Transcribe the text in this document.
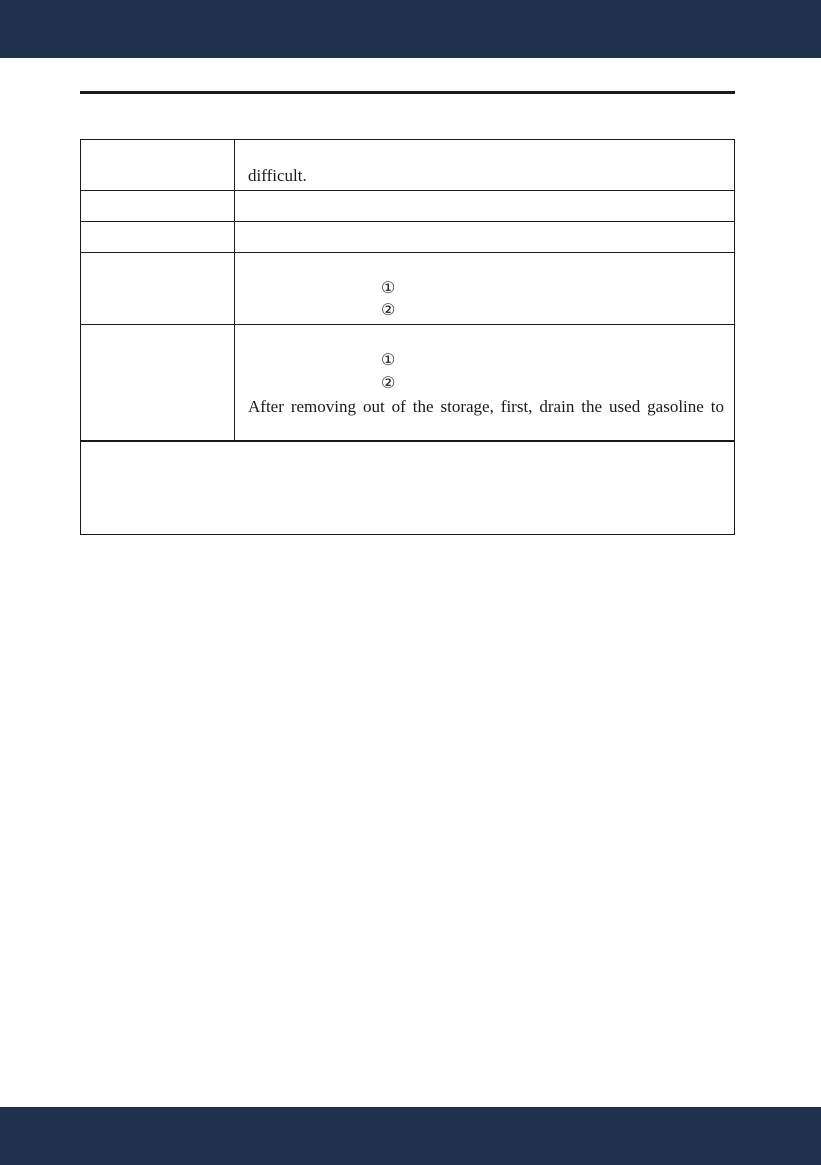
difficult.
①
②
①
②
After removing out of the storage, first, drain the used gasoline to
